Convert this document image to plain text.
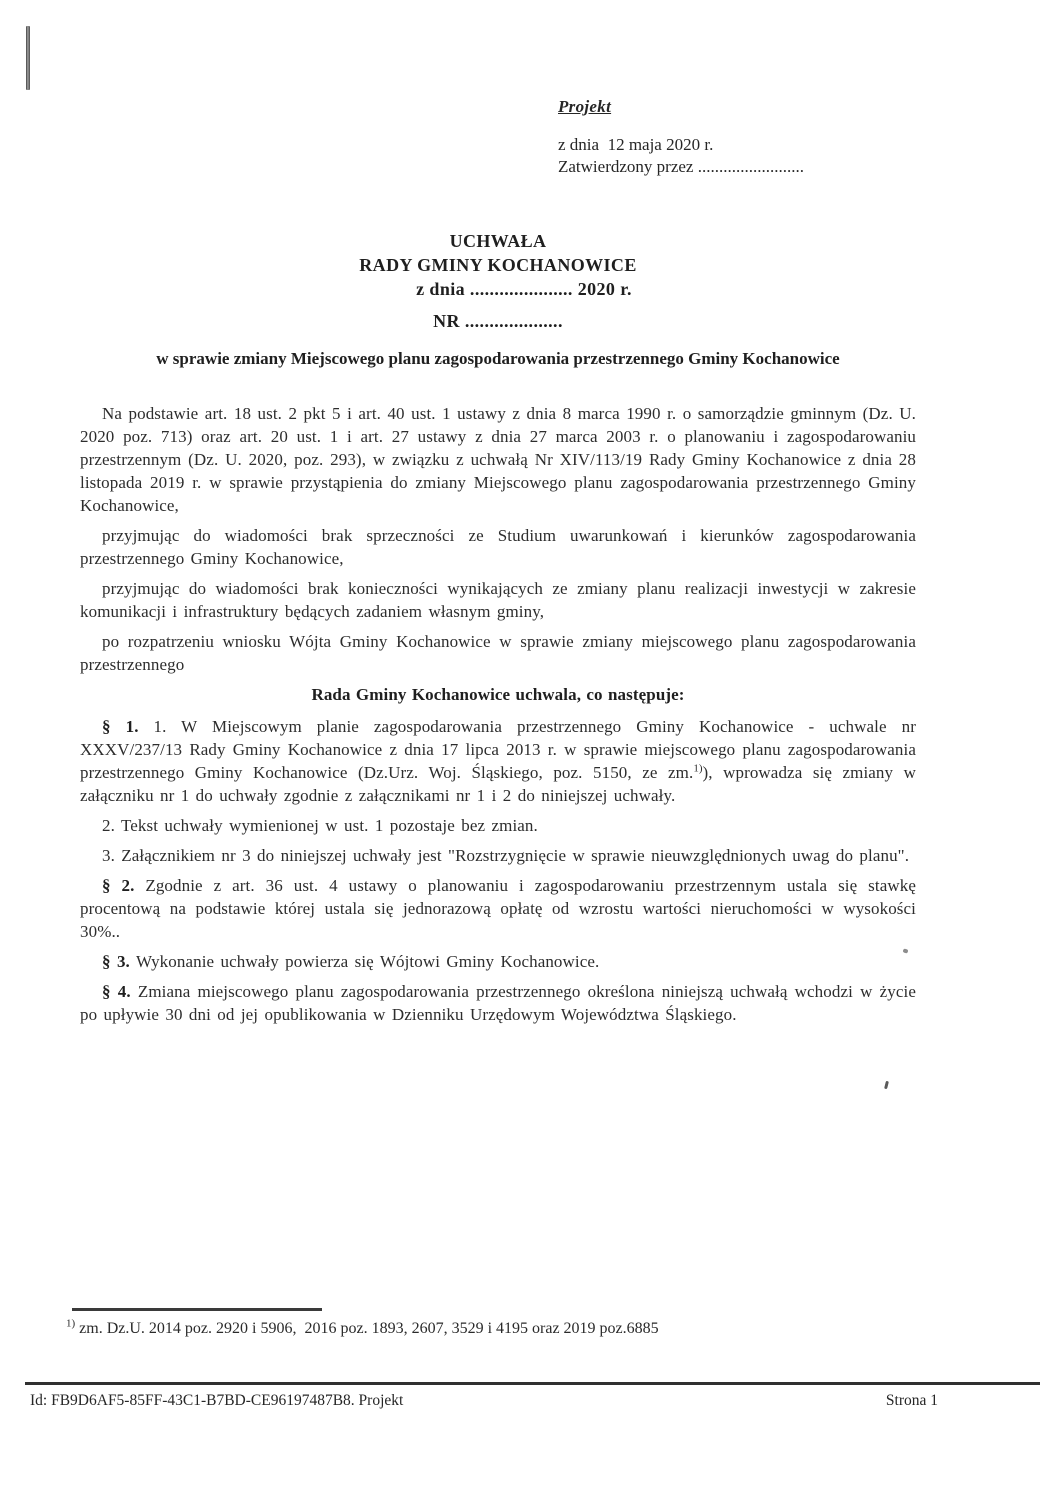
Projekt
z dnia  12 maja 2020 r.
Zatwierdzony przez .........................
UCHWAŁA
RADY GMINY KOCHANOWICE
z dnia ..................... 2020 r.
NR ....................
w sprawie zmiany Miejscowego planu zagospodarowania przestrzennego Gminy Kochanowice

Na podstawie art. 18 ust. 2 pkt 5 i art. 40 ust. 1 ustawy z dnia 8 marca 1990 r. o samorządzie gminnym (Dz. U. 2020 poz. 713) oraz art. 20 ust. 1 i art. 27 ustawy z dnia 27 marca 2003 r. o planowaniu i zagospodarowaniu przestrzennym (Dz. U. 2020, poz. 293), w związku z uchwałą Nr XIV/113/19 Rady Gminy Kochanowice z dnia 28 listopada 2019 r. w sprawie przystąpienia do zmiany Miejscowego planu zagospodarowania przestrzennego Gminy Kochanowice,

przyjmując do wiadomości brak sprzeczności ze Studium uwarunkowań i kierunków zagospodarowania przestrzennego Gminy Kochanowice,

przyjmując do wiadomości brak konieczności wynikających ze zmiany planu realizacji inwestycji w zakresie komunikacji i infrastruktury będących zadaniem własnym gminy,

po rozpatrzeniu wniosku Wójta Gminy Kochanowice w sprawie zmiany miejscowego planu zagospodarowania przestrzennego

Rada Gminy Kochanowice uchwala, co następuje:

§ 1. 1. W Miejscowym planie zagospodarowania przestrzennego Gminy Kochanowice - uchwale nr XXXV/237/13 Rady Gminy Kochanowice z dnia 17 lipca 2013 r. w sprawie miejscowego planu zagospodarowania przestrzennego Gminy Kochanowice (Dz.Urz. Woj. Śląskiego, poz. 5150, ze zm.$^{1)}$), wprowadza się zmiany w załączniku nr 1 do uchwały zgodnie z załącznikami nr 1 i 2 do niniejszej uchwały.

2. Tekst uchwały wymienionej w ust. 1 pozostaje bez zmian.

3. Załącznikiem nr 3 do niniejszej uchwały jest "Rozstrzygnięcie w sprawie nieuwzględnionych uwag do planu".

§ 2. Zgodnie z art. 36 ust. 4 ustawy o planowaniu i zagospodarowaniu przestrzennym ustala się stawkę procentową na podstawie której ustala się jednorazową opłatę od wzrostu wartości nieruchomości w wysokości 30%..

§ 3. Wykonanie uchwały powierza się Wójtowi Gminy Kochanowice.

§ 4. Zmiana miejscowego planu zagospodarowania przestrzennego określona niniejszą uchwałą wchodzi w życie po upływie 30 dni od jej opublikowania w Dzienniku Urzędowym Województwa Śląskiego.

$^{1)}$ zm. Dz.U. 2014 poz. 2920 i 5906,  2016 poz. 1893, 2607, 3529 i 4195 oraz 2019 poz.6885
Id: FB9D6AF5-85FF-43C1-B7BD-CE96197487B8. Projekt	Strona 1
